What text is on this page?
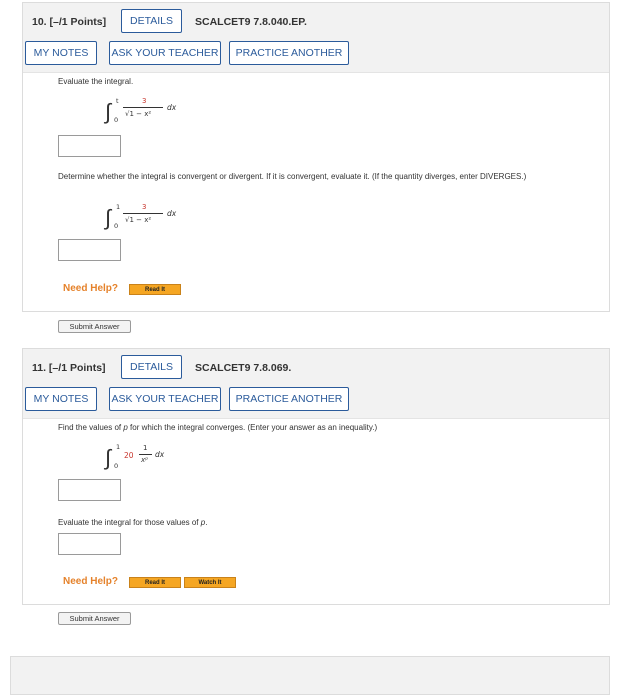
10. [–/1 Points]	DETAILS	SCALCET9 7.8.040.EP.
MY NOTES	ASK YOUR TEACHER	PRACTICE ANOTHER
Evaluate the integral.
∫ t
0
3
√1 − x²
dx
Determine whether the integral is convergent or divergent. If it is convergent, evaluate it. (If the quantity diverges, enter DIVERGES.)
∫ 1
0
3
√1 − x²
dx
Need Help?	Read It
Submit Answer
11. [–/1 Points]	DETAILS	SCALCET9 7.8.069.
MY NOTES	ASK YOUR TEACHER	PRACTICE ANOTHER
Find the values of p for which the integral converges. (Enter your answer as an inequality.)
∫ 1
0
20
1
xᵖ
dx
Evaluate the integral for those values of p.
Need Help?	Read It	Watch It
Submit Answer
